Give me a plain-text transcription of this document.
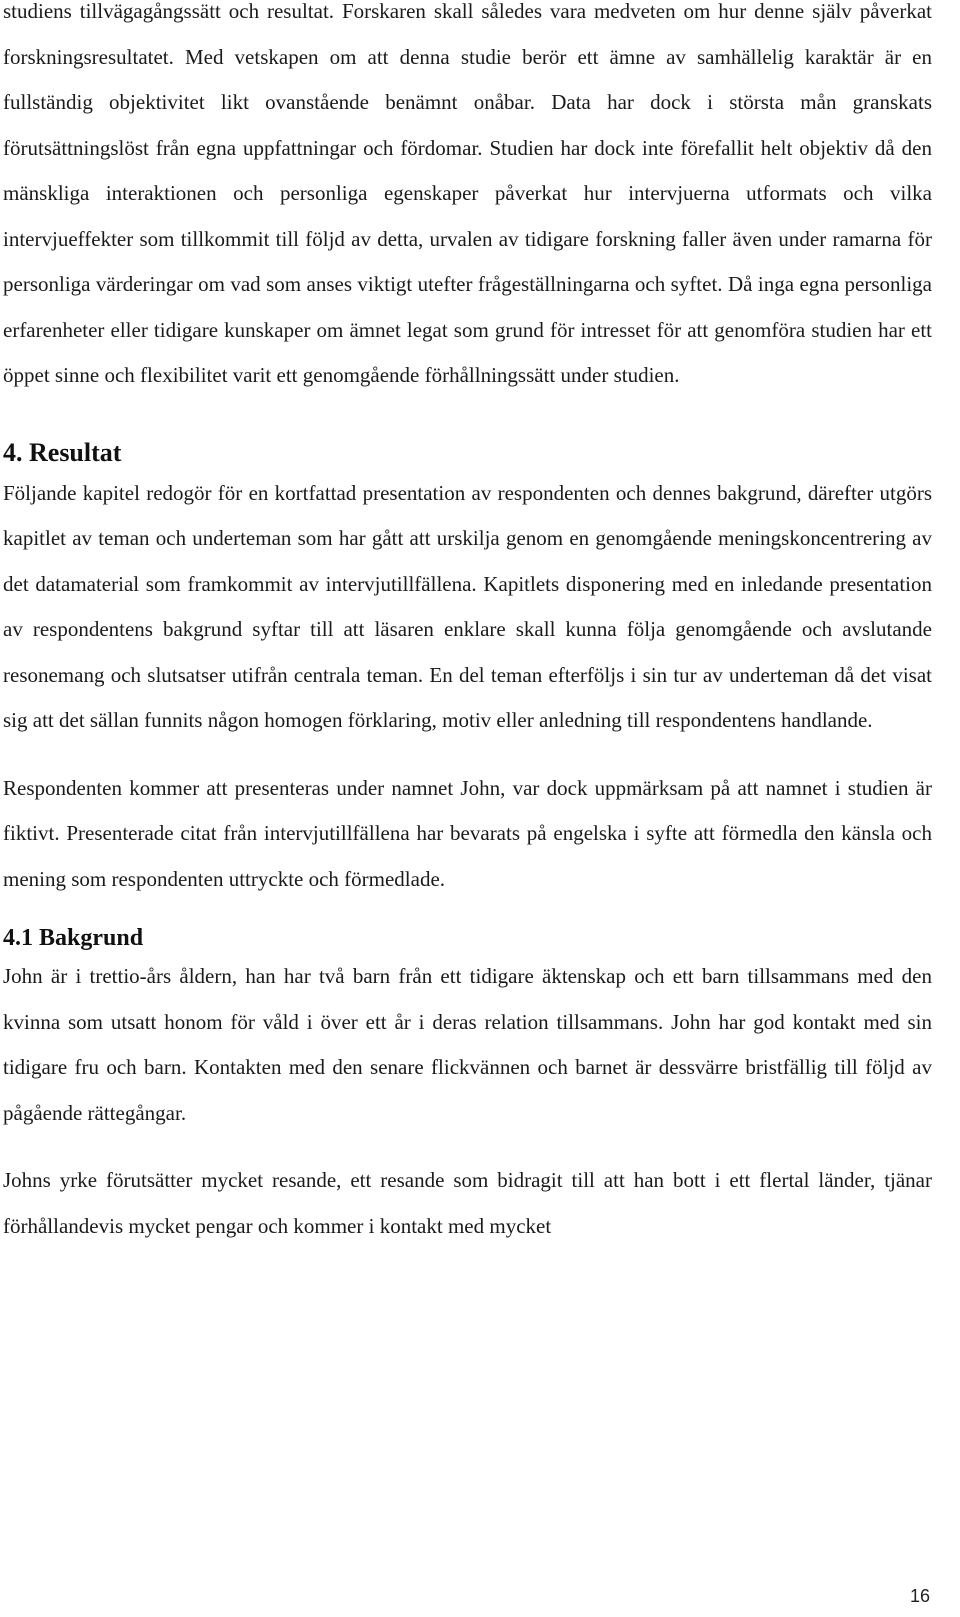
studiens tillvägagångssätt och resultat. Forskaren skall således vara medveten om hur denne själv påverkat forskningsresultatet. Med vetskapen om att denna studie berör ett ämne av samhällelig karaktär är en fullständig objektivitet likt ovanstående benämnt onåbar. Data har dock i största mån granskats förutsättningslöst från egna uppfattningar och fördomar. Studien har dock inte förefallit helt objektiv då den mänskliga interaktionen och personliga egenskaper påverkat hur intervjuerna utformats och vilka intervjueffekter som tillkommit till följd av detta, urvalen av tidigare forskning faller även under ramarna för personliga värderingar om vad som anses viktigt utefter frågeställningarna och syftet. Då inga egna personliga erfarenheter eller tidigare kunskaper om ämnet legat som grund för intresset för att genomföra studien har ett öppet sinne och flexibilitet varit ett genomgående förhållningssätt under studien.

4. Resultat

Följande kapitel redogör för en kortfattad presentation av respondenten och dennes bakgrund, därefter utgörs kapitlet av teman och underteman som har gått att urskilja genom en genomgående meningskoncentrering av det datamaterial som framkommit av intervjutillfällena. Kapitlets disponering med en inledande presentation av respondentens bakgrund syftar till att läsaren enklare skall kunna följa genomgående och avslutande resonemang och slutsatser utifrån centrala teman. En del teman efterföljs i sin tur av underteman då det visat sig att det sällan funnits någon homogen förklaring, motiv eller anledning till respondentens handlande.

Respondenten kommer att presenteras under namnet John, var dock uppmärksam på att namnet i studien är fiktivt. Presenterade citat från intervjutillfällena har bevarats på engelska i syfte att förmedla den känsla och mening som respondenten uttryckte och förmedlade.

4.1 Bakgrund

John är i trettio-års åldern, han har två barn från ett tidigare äktenskap och ett barn tillsammans med den kvinna som utsatt honom för våld i över ett år i deras relation tillsammans. John har god kontakt med sin tidigare fru och barn. Kontakten med den senare flickvännen och barnet är dessvärre bristfällig till följd av pågående rättegångar.

Johns yrke förutsätter mycket resande, ett resande som bidragit till att han bott i ett flertal länder, tjänar förhållandevis mycket pengar och kommer i kontakt med mycket

16
